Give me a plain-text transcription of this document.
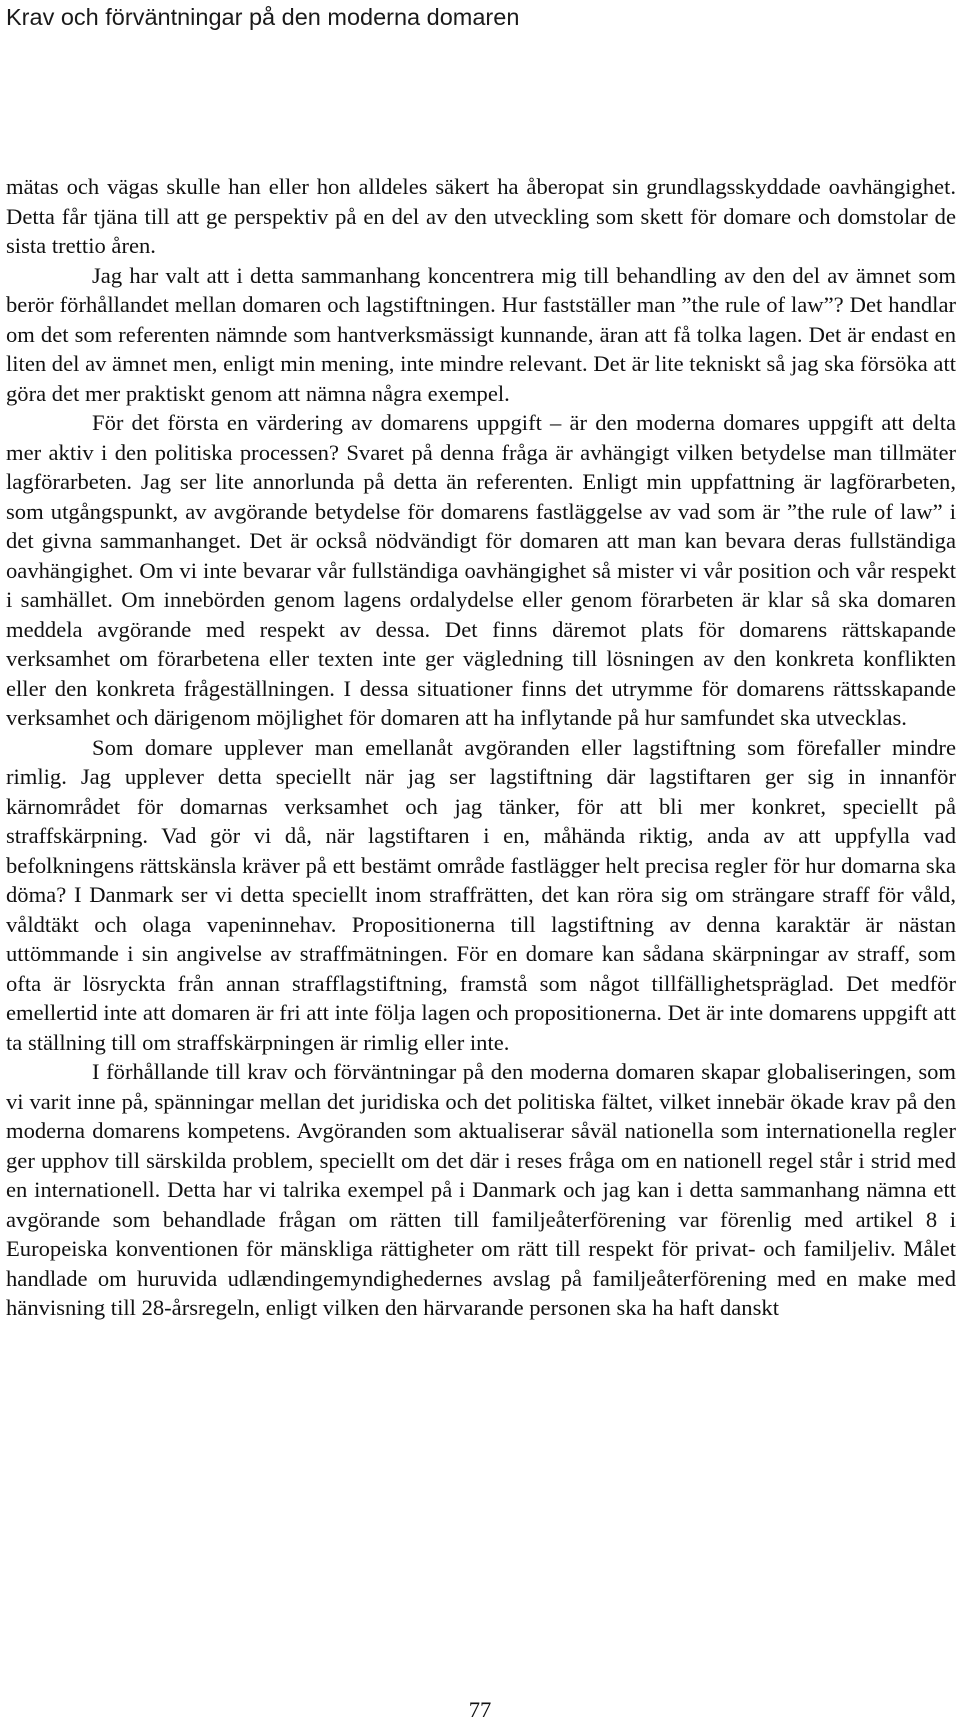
Krav och förväntningar på den moderna domaren

mätas och vägas skulle han eller hon alldeles säkert ha åberopat sin grundlagsskyddade oavhängighet. Detta får tjäna till att ge perspektiv på en del av den utveckling som skett för domare och domstolar de sista trettio åren.

Jag har valt att i detta sammanhang koncentrera mig till behandling av den del av ämnet som berör förhållandet mellan domaren och lagstiftningen. Hur fastställer man ”the rule of law”? Det handlar om det som referenten nämnde som hantverksmässigt kunnande, äran att få tolka lagen. Det är endast en liten del av ämnet men, enligt min mening, inte mindre relevant. Det är lite tekniskt så jag ska försöka att göra det mer praktiskt genom att nämna några exempel.

För det första en värdering av domarens uppgift – är den moderna domares uppgift att delta mer aktiv i den politiska processen? Svaret på denna fråga är avhängigt vilken betydelse man tillmäter lagförarbeten. Jag ser lite annorlunda på detta än referenten. Enligt min uppfattning är lagförarbeten, som utgångspunkt, av avgörande betydelse för domarens fastläggelse av vad som är ”the rule of law” i det givna sammanhanget. Det är också nödvändigt för domaren att man kan bevara deras fullständiga oavhängighet. Om vi inte bevarar vår fullständiga oavhängighet så mister vi vår position och vår respekt i samhället. Om innebörden genom lagens ordalydelse eller genom förarbeten är klar så ska domaren meddela avgörande med respekt av dessa. Det finns däremot plats för domarens rättskapande verksamhet om förarbetena eller texten inte ger vägledning till lösningen av den konkreta konflikten eller den konkreta frågeställningen. I dessa situationer finns det utrymme för domarens rättsskapande verksamhet och därigenom möjlighet för domaren att ha inflytande på hur samfundet ska utvecklas.

Som domare upplever man emellanåt avgöranden eller lagstiftning som förefaller mindre rimlig. Jag upplever detta speciellt när jag ser lagstiftning där lagstiftaren ger sig in innanför kärnområdet för domarnas verksamhet och jag tänker, för att bli mer konkret, speciellt på straffskärpning. Vad gör vi då, när lagstiftaren i en, måhända riktig, anda av att uppfylla vad befolkningens rättskänsla kräver på ett bestämt område fastlägger helt precisa regler för hur domarna ska döma? I Danmark ser vi detta speciellt inom straffrätten, det kan röra sig om strängare straff för våld, våldtäkt och olaga vapeninnehav. Propositionerna till lagstiftning av denna karaktär är nästan uttömmande i sin angivelse av straffmätningen. För en domare kan sådana skärpningar av straff, som ofta är lösryckta från annan strafflagstiftning, framstå som något tillfällighetspräglad. Det medför emellertid inte att domaren är fri att inte följa lagen och propositionerna. Det är inte domarens uppgift att ta ställning till om straffskärpningen är rimlig eller inte.

I förhållande till krav och förväntningar på den moderna domaren skapar globaliseringen, som vi varit inne på, spänningar mellan det juridiska och det politiska fältet, vilket innebär ökade krav på den moderna domarens kompetens. Avgöranden som aktualiserar såväl nationella som internationella regler ger upphov till särskilda problem, speciellt om det där i reses fråga om en nationell regel står i strid med en internationell. Detta har vi talrika exempel på i Danmark och jag kan i detta sammanhang nämna ett avgörande som behandlade frågan om rätten till familjeåterförening var förenlig med artikel 8 i Europeiska konventionen för mänskliga rättigheter om rätt till respekt för privat- och familjeliv. Målet handlade om huruvida udlændingemyndighedernes avslag på familjeåterförening med en make med hänvisning till 28-årsregeln, enligt vilken den härvarande personen ska ha haft danskt

77
